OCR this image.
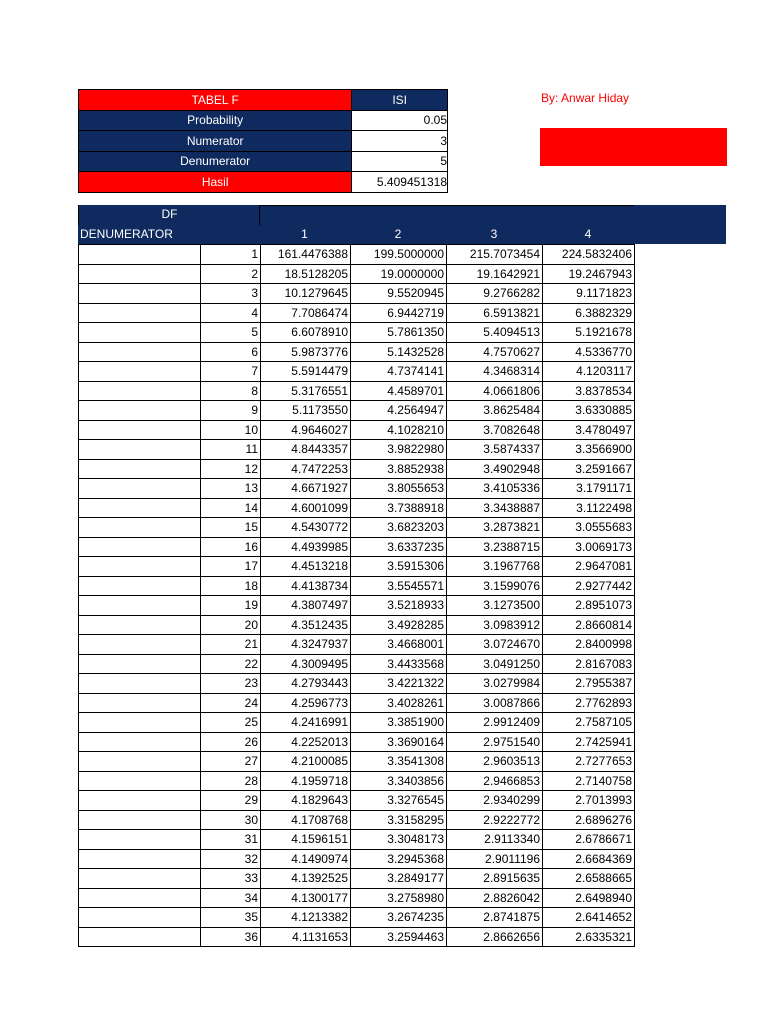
TABEL F	ISI
Probability	0.05
Numerator	3
Denumerator	5
Hasil	5.409451318
By: Anwar Hiday
DF
DENUMERATOR	1	2	3	4
	1	161.4476388	199.5000000	215.7073454	224.5832406
	2	18.5128205	19.0000000	19.1642921	19.2467943
	3	10.1279645	9.5520945	9.2766282	9.1171823
	4	7.7086474	6.9442719	6.5913821	6.3882329
	5	6.6078910	5.7861350	5.4094513	5.1921678
	6	5.9873776	5.1432528	4.7570627	4.5336770
	7	5.5914479	4.7374141	4.3468314	4.1203117
	8	5.3176551	4.4589701	4.0661806	3.8378534
	9	5.1173550	4.2564947	3.8625484	3.6330885
	10	4.9646027	4.1028210	3.7082648	3.4780497
	11	4.8443357	3.9822980	3.5874337	3.3566900
	12	4.7472253	3.8852938	3.4902948	3.2591667
	13	4.6671927	3.8055653	3.4105336	3.1791171
	14	4.6001099	3.7388918	3.3438887	3.1122498
	15	4.5430772	3.6823203	3.2873821	3.0555683
	16	4.4939985	3.6337235	3.2388715	3.0069173
	17	4.4513218	3.5915306	3.1967768	2.9647081
	18	4.4138734	3.5545571	3.1599076	2.9277442
	19	4.3807497	3.5218933	3.1273500	2.8951073
	20	4.3512435	3.4928285	3.0983912	2.8660814
	21	4.3247937	3.4668001	3.0724670	2.8400998
	22	4.3009495	3.4433568	3.0491250	2.8167083
	23	4.2793443	3.4221322	3.0279984	2.7955387
	24	4.2596773	3.4028261	3.0087866	2.7762893
	25	4.2416991	3.3851900	2.9912409	2.7587105
	26	4.2252013	3.3690164	2.9751540	2.7425941
	27	4.2100085	3.3541308	2.9603513	2.7277653
	28	4.1959718	3.3403856	2.9466853	2.7140758
	29	4.1829643	3.3276545	2.9340299	2.7013993
	30	4.1708768	3.3158295	2.9222772	2.6896276
	31	4.1596151	3.3048173	2.9113340	2.6786671
	32	4.1490974	3.2945368	2.9011196	2.6684369
	33	4.1392525	3.2849177	2.8915635	2.6588665
	34	4.1300177	3.2758980	2.8826042	2.6498940
	35	4.1213382	3.2674235	2.8741875	2.6414652
	36	4.1131653	3.2594463	2.8662656	2.6335321
